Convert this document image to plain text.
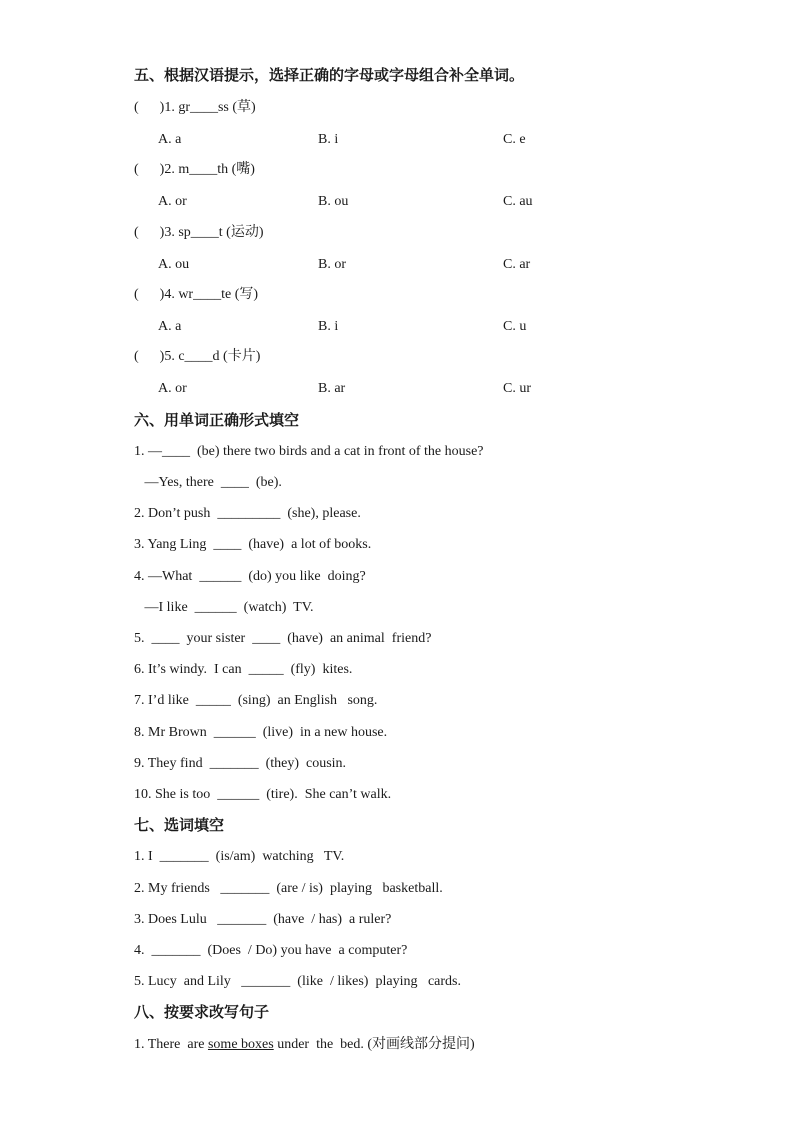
五、根据汉语提示，选择正确的字母或字母组合补全单词。
(      )1. gr____ss (草)
A. a	B. i	C. e
(      )2. m____th (嘴)
A. or	B. ou	C. au
(      )3. sp____t (运动)
A. ou	B. or	C. ar
(      )4. wr____te (写)
A. a	B. i	C. u
(      )5. c____d (卡片)
A. or	B. ar	C. ur
六、用单词正确形式填空
1. —____  (be) there two birds and a cat in front of the house?
—Yes, there  ____  (be).
2. Don’t push  _________  (she), please.
3. Yang Ling  ____  (have)  a lot of books.
4. —What  ______  (do) you like  doing?
—I like  ______  (watch)  TV.
5.  ____  your sister  ____  (have)  an animal  friend?
6. It’s windy.  I can  _____  (fly)  kites.
7. I’d like  _____  (sing)  an English   song.
8. Mr Brown  ______  (live)  in a new house.
9. They find  _______  (they)  cousin.
10. She is too  ______  (tire).  She can’t walk.
七、选词填空
1. I  _______  (is/am)  watching   TV.
2. My friends   _______  (are / is)  playing   basketball.
3. Does Lulu   _______  (have  / has)  a ruler?
4.  _______  (Does  / Do) you have  a computer?
5. Lucy  and Lily   _______  (like  / likes)  playing   cards.
八、按要求改写句子
1. There  are some boxes under  the  bed. (对画线部分提问)
